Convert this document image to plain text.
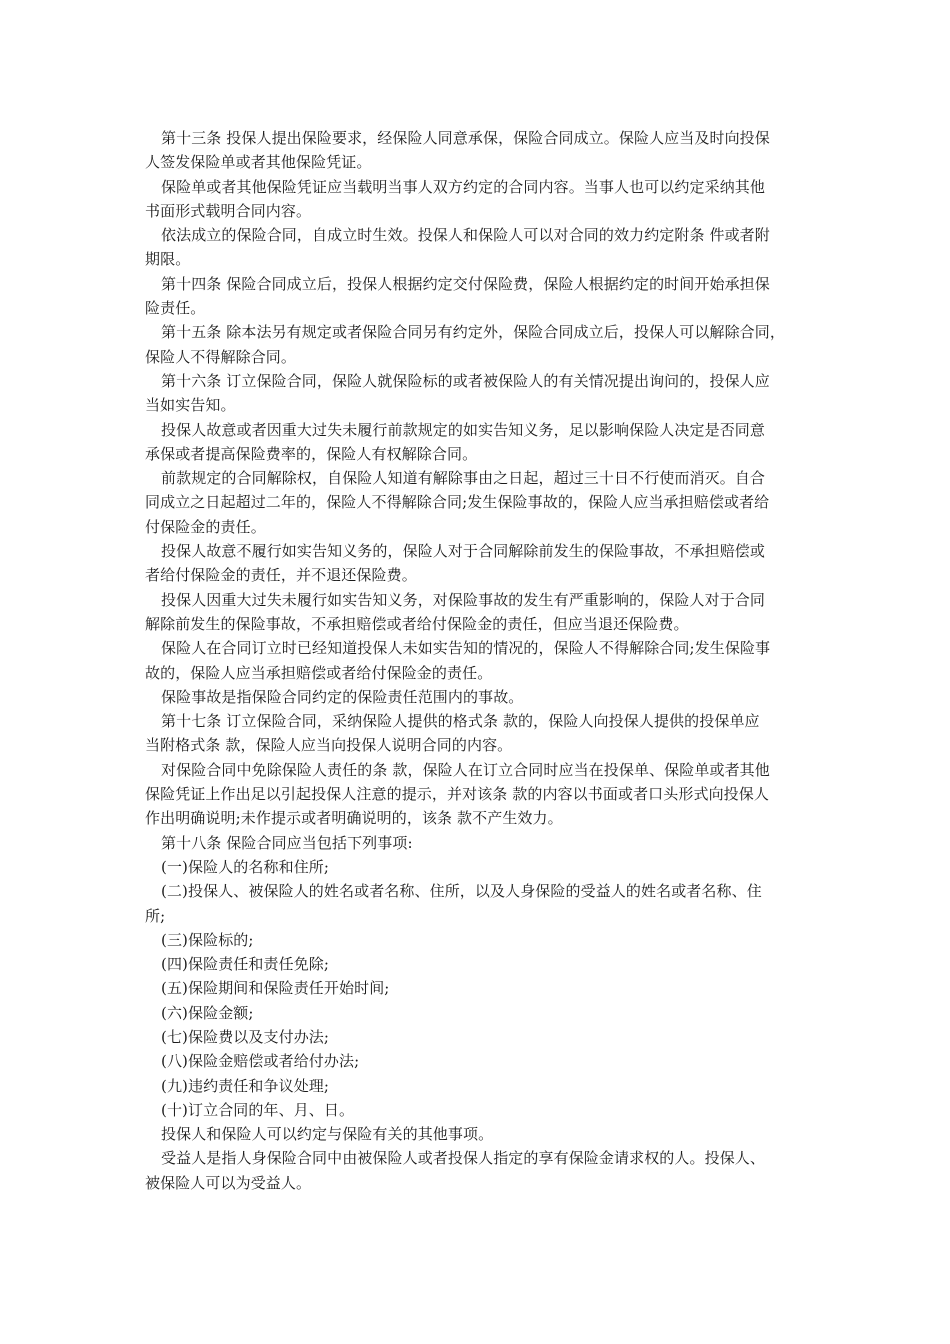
第十三条 投保人提出保险要求，经保险人同意承保，保险合同成立。保险人应当及时向投保
人签发保险单或者其他保险凭证。

保险单或者其他保险凭证应当载明当事人双方约定的合同内容。当事人也可以约定采纳其他
书面形式载明合同内容。

依法成立的保险合同，自成立时生效。投保人和保险人可以对合同的效力约定附条 件或者附
期限。

第十四条 保险合同成立后，投保人根据约定交付保险费，保险人根据约定的时间开始承担保
险责任。

第十五条 除本法另有规定或者保险合同另有约定外，保险合同成立后，投保人可以解除合同，
保险人不得解除合同。

第十六条 订立保险合同，保险人就保险标的或者被保险人的有关情况提出询问的，投保人应
当如实告知。

投保人故意或者因重大过失未履行前款规定的如实告知义务，足以影响保险人决定是否同意
承保或者提高保险费率的，保险人有权解除合同。

前款规定的合同解除权，自保险人知道有解除事由之日起，超过三十日不行使而消灭。自合
同成立之日起超过二年的，保险人不得解除合同;发生保险事故的，保险人应当承担赔偿或者给
付保险金的责任。

投保人故意不履行如实告知义务的，保险人对于合同解除前发生的保险事故，不承担赔偿或
者给付保险金的责任，并不退还保险费。

投保人因重大过失未履行如实告知义务，对保险事故的发生有严重影响的，保险人对于合同
解除前发生的保险事故，不承担赔偿或者给付保险金的责任，但应当退还保险费。

保险人在合同订立时已经知道投保人未如实告知的情况的，保险人不得解除合同;发生保险事
故的，保险人应当承担赔偿或者给付保险金的责任。

保险事故是指保险合同约定的保险责任范围内的事故。

第十七条 订立保险合同，采纳保险人提供的格式条 款的，保险人向投保人提供的投保单应
当附格式条 款，保险人应当向投保人说明合同的内容。

对保险合同中免除保险人责任的条 款，保险人在订立合同时应当在投保单、保险单或者其他
保险凭证上作出足以引起投保人注意的提示，并对该条 款的内容以书面或者口头形式向投保人
作出明确说明;未作提示或者明确说明的，该条 款不产生效力。

第十八条 保险合同应当包括下列事项:

(一)保险人的名称和住所;

(二)投保人、被保险人的姓名或者名称、住所，以及人身保险的受益人的姓名或者名称、住
所;

(三)保险标的;

(四)保险责任和责任免除;

(五)保险期间和保险责任开始时间;

(六)保险金额;

(七)保险费以及支付办法;

(八)保险金赔偿或者给付办法;

(九)违约责任和争议处理;

(十)订立合同的年、月、日。

投保人和保险人可以约定与保险有关的其他事项。

受益人是指人身保险合同中由被保险人或者投保人指定的享有保险金请求权的人。投保人、
被保险人可以为受益人。
